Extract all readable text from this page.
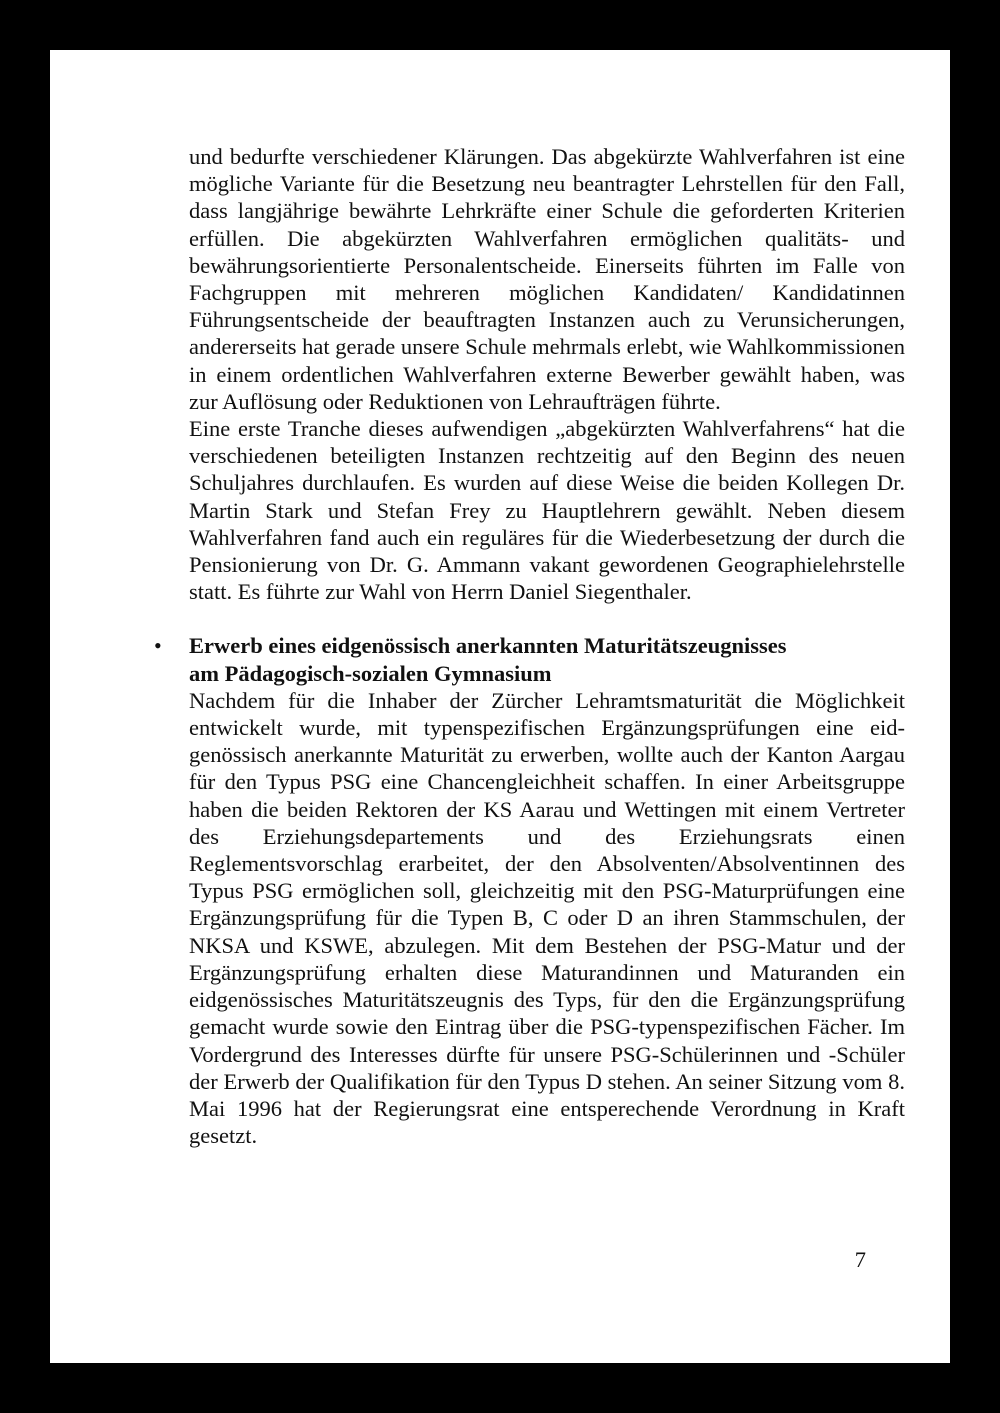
und bedurfte verschiedener Klärungen. Das abgekürzte Wahlverfahren ist eine mögliche Variante für die Besetzung neu beantragter Lehrstellen für den Fall, dass langjährige bewährte Lehrkräfte einer Schule die geforderten Kriterien erfüllen. Die abgekürzten Wahlverfahren ermöglichen qualitäts- und bewährungsorientierte Personalentscheide. Einerseits führten im Falle von Fachgruppen mit mehreren möglichen Kandidaten/ Kandidatinnen Führungsentscheide der beauftragten Instanzen auch zu Verunsicherungen, andererseits hat gerade unsere Schule mehrmals erlebt, wie Wahlkommissionen in einem ordentlichen Wahlverfahren externe Bewerber gewählt haben, was zur Auflösung oder Reduktionen von Lehraufträgen führte.

Eine erste Tranche dieses aufwendigen „abgekürzten Wahlverfahrens“ hat die verschiedenen beteiligten Instanzen rechtzeitig auf den Beginn des neuen Schuljahres durchlaufen. Es wurden auf diese Weise die beiden Kollegen Dr. Martin Stark und Stefan Frey zu Hauptlehrern gewählt. Neben diesem Wahlverfahren fand auch ein reguläres für die Wiederbesetzung der durch die Pensionierung von Dr. G. Ammann vakant gewordenen Geographielehrstelle statt. Es führte zur Wahl von Herrn Daniel Siegenthaler.

• Erwerb eines eidgenössisch anerkannten Maturitätszeugnisses
am Pädagogisch-sozialen Gymnasium

Nachdem für die Inhaber der Zürcher Lehramtsmaturität die Möglichkeit entwickelt wurde, mit typenspezifischen Ergänzungsprüfungen eine eidgenössisch anerkannte Maturität zu erwerben, wollte auch der Kanton Aargau für den Typus PSG eine Chancengleichheit schaffen. In einer Arbeitsgruppe haben die beiden Rektoren der KS Aarau und Wettingen mit einem Vertreter des Erziehungsdepartements und des Erziehungsrats einen Reglementsvorschlag erarbeitet, der den Absolventen/Absolventinnen des Typus PSG ermöglichen soll, gleichzeitig mit den PSG-Maturprüfungen eine Ergänzungsprüfung für die Typen B, C oder D an ihren Stammschulen, der NKSA und KSWE, abzulegen. Mit dem Bestehen der PSG-Matur und der Ergänzungsprüfung erhalten diese Maturandinnen und Maturanden ein eidgenössisches Maturitätszeugnis des Typs, für den die Ergänzungsprüfung gemacht wurde sowie den Eintrag über die PSG-typenspezifischen Fächer. Im Vordergrund des Interesses dürfte für unsere PSG-Schülerinnen und -Schüler der Erwerb der Qualifikation für den Typus D stehen. An seiner Sitzung vom 8. Mai 1996 hat der Regierungsrat eine entsperechende Verordnung in Kraft gesetzt.

7
